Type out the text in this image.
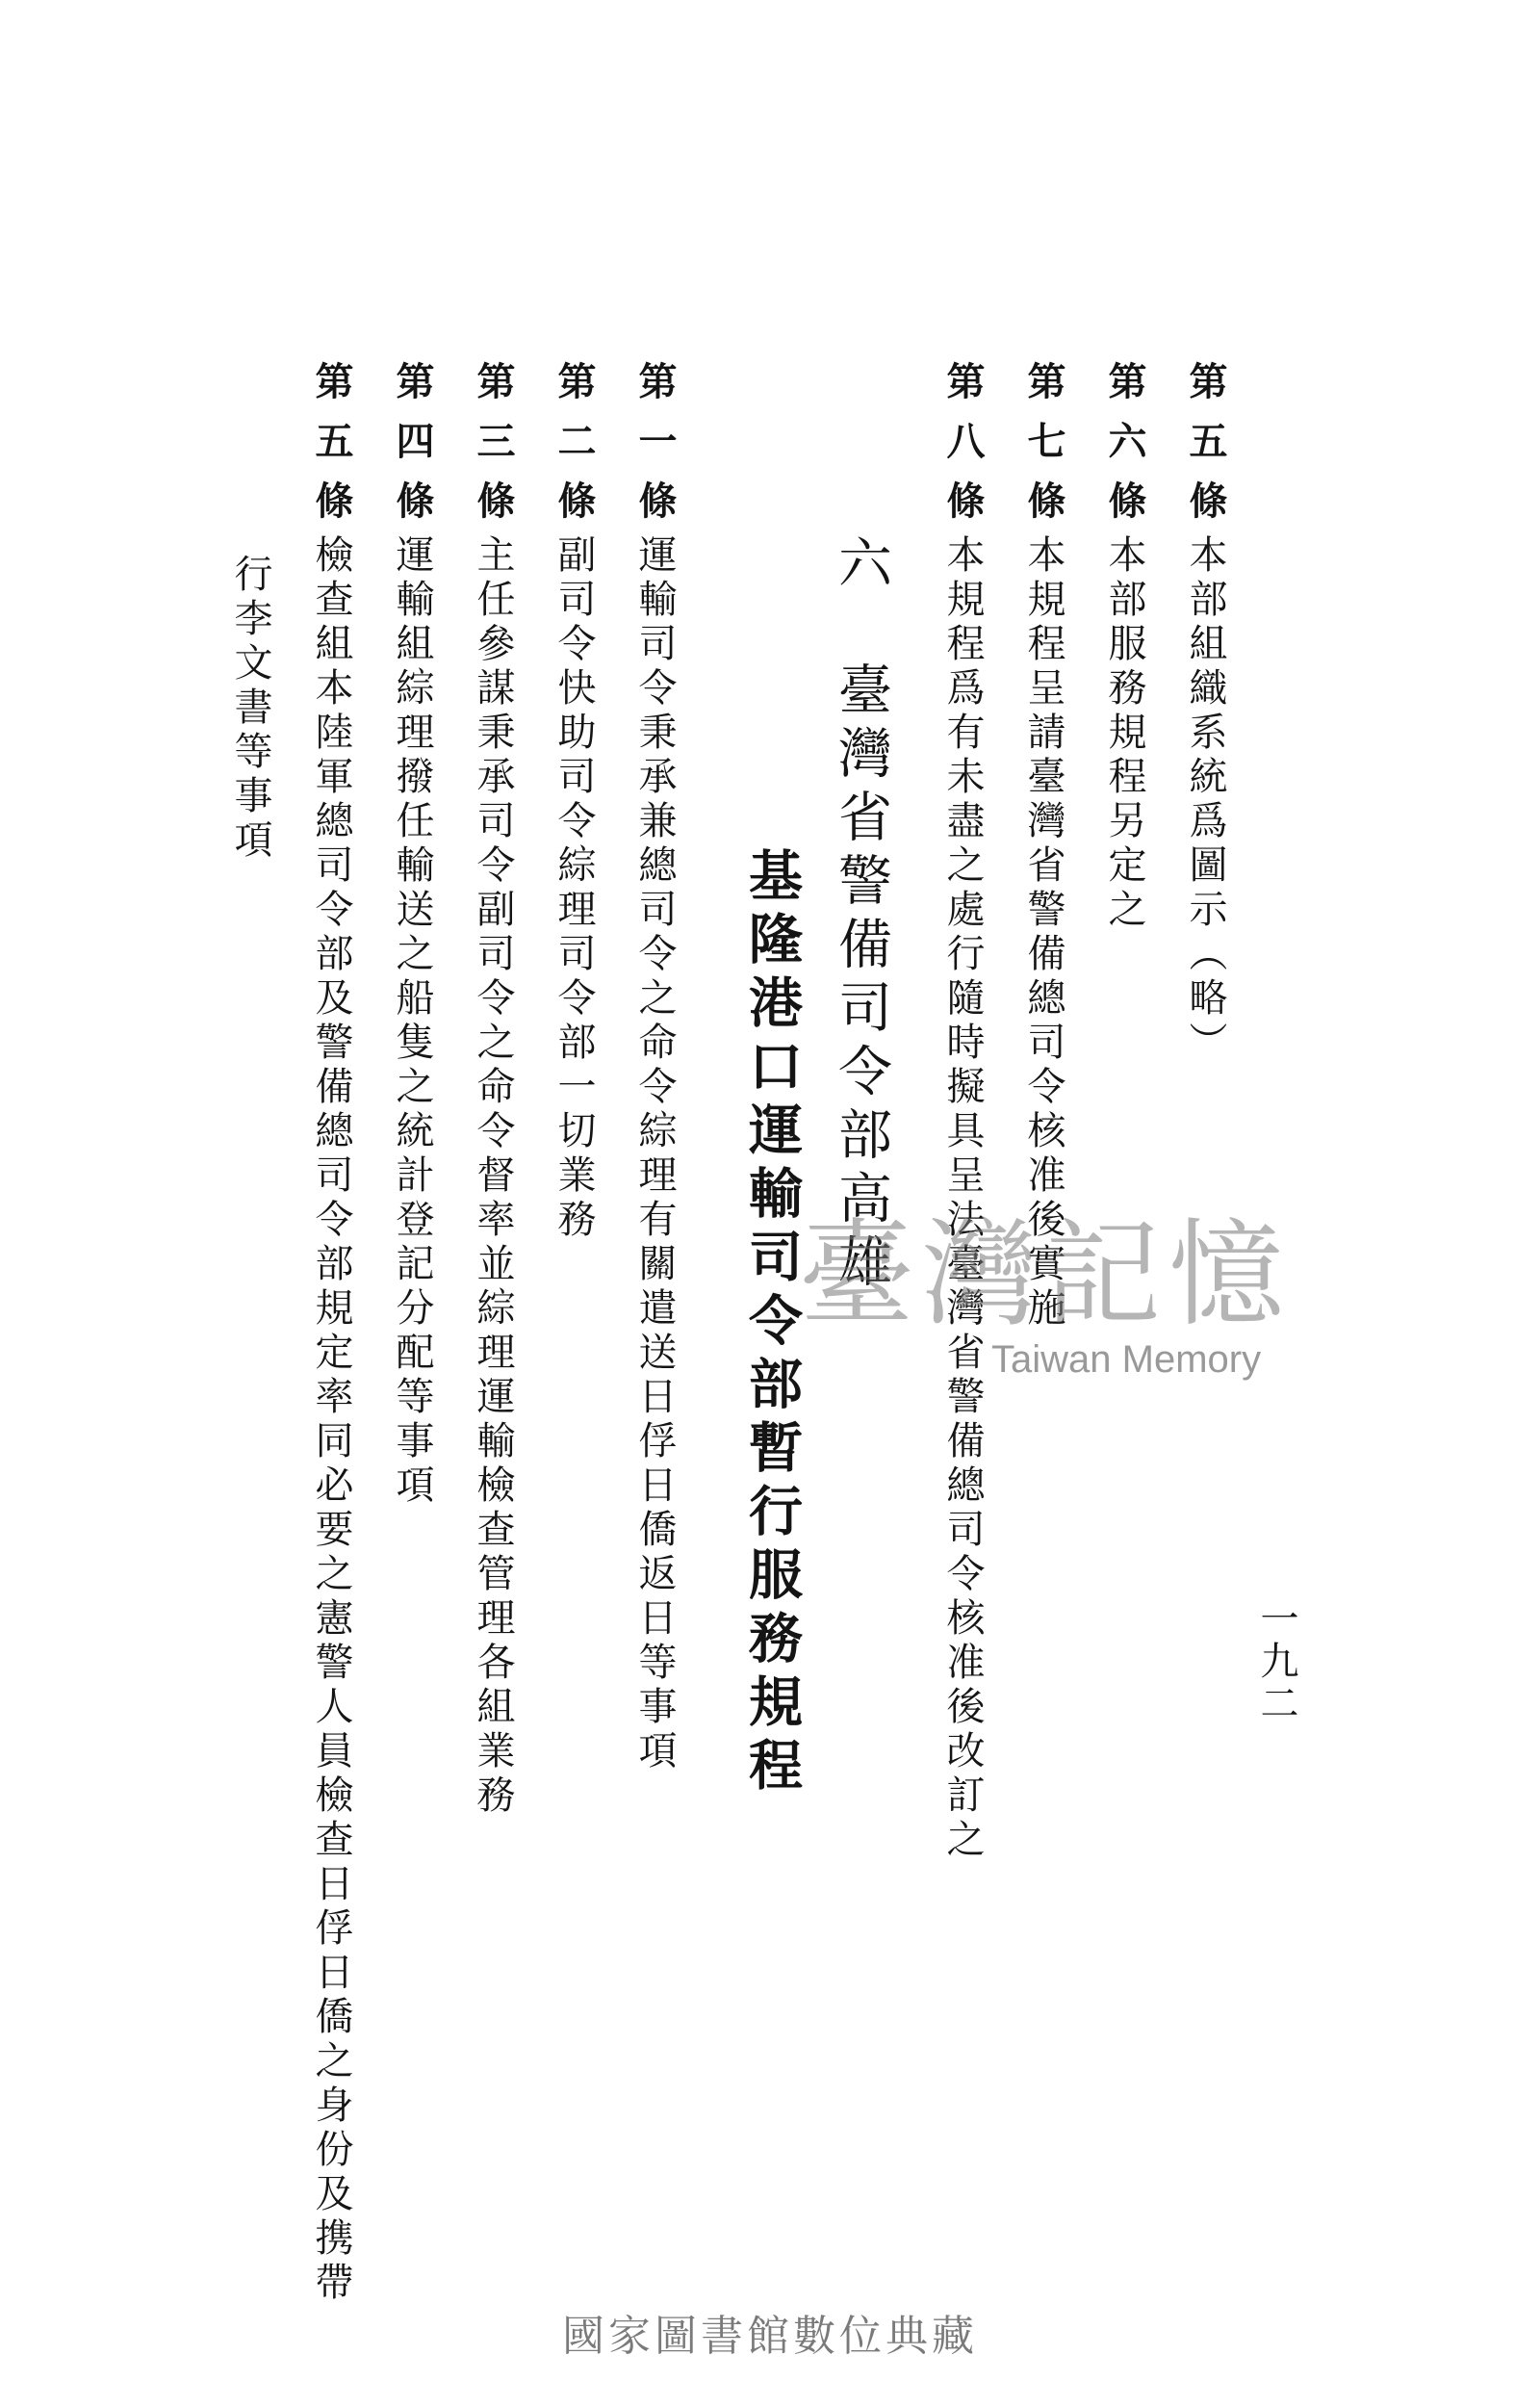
一九二
第五條
本部組織系統爲圖示（略）
第六條
本部服務規程另定之
第七條
本規程呈請臺灣省警備總司令核准後實施
第八條
本規程爲有未盡之處行隨時擬具呈法臺灣省警備總司令核准後改訂之
六　臺灣省警備司令部高雄
基隆港口運輸司令部暫行服務規程
第一條
運輸司令秉承兼總司令之命令綜理有關遣送日俘日僑返日等事項
第二條
副司令快助司令綜理司令部一切業務
第三條
主任參謀秉承司令副司令之命令督率並綜理運輸檢查管理各組業務
第四條
運輸組綜理撥任輸送之船隻之統計登記分配等事項
第五條
檢查組本陸軍總司令部及警備總司令部規定率同必要之憲警人員檢查日俘日僑之身份及携帶
行李文書等事項
臺灣記憶
Taiwan Memory
國家圖書館數位典藏
